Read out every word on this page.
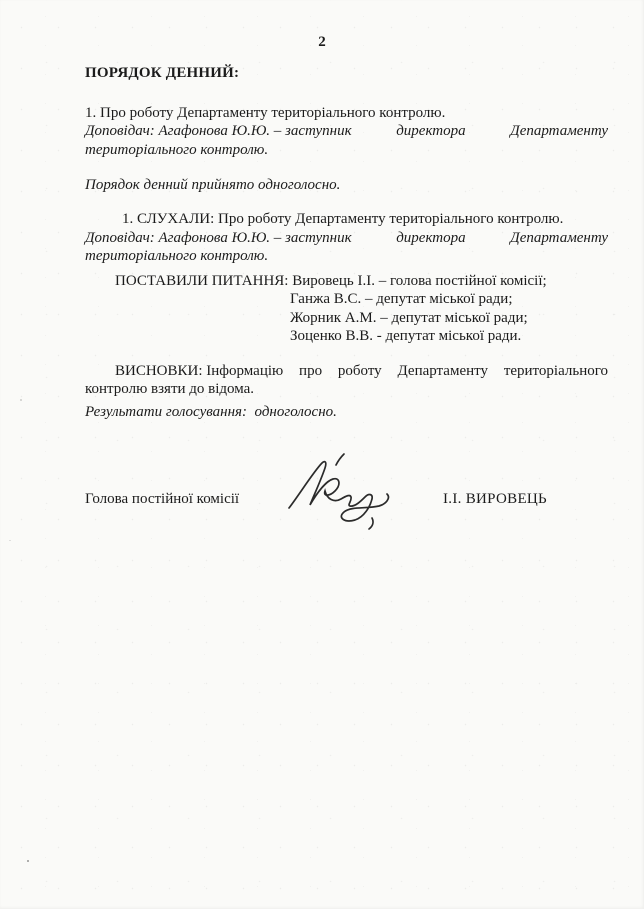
2
ПОРЯДОК ДЕННИЙ:
1. Про роботу Департаменту територіального контролю.
Доповідач: Агафонова Ю.Ю. – заступник	директора	Департаменту
територіального контролю.
Порядок денний прийнято одноголосно.
1. СЛУХАЛИ: Про роботу Департаменту територіального контролю.
Доповідач: Агафонова Ю.Ю. – заступник	директора	Департаменту
територіального контролю.
ПОСТАВИЛИ ПИТАННЯ: Вировець І.І. – голова постійної комісії;
Ганжа В.С. – депутат міської ради;
Жорник А.М. – депутат міської ради;
Зоценко В.В. - депутат міської ради.
ВИСНОВКИ: Інформацію про роботу Департаменту територіального
контролю взяти до відома.
Результати голосування:  одноголосно.
Голова постійної комісії	І.І. ВИРОВЕЦЬ
